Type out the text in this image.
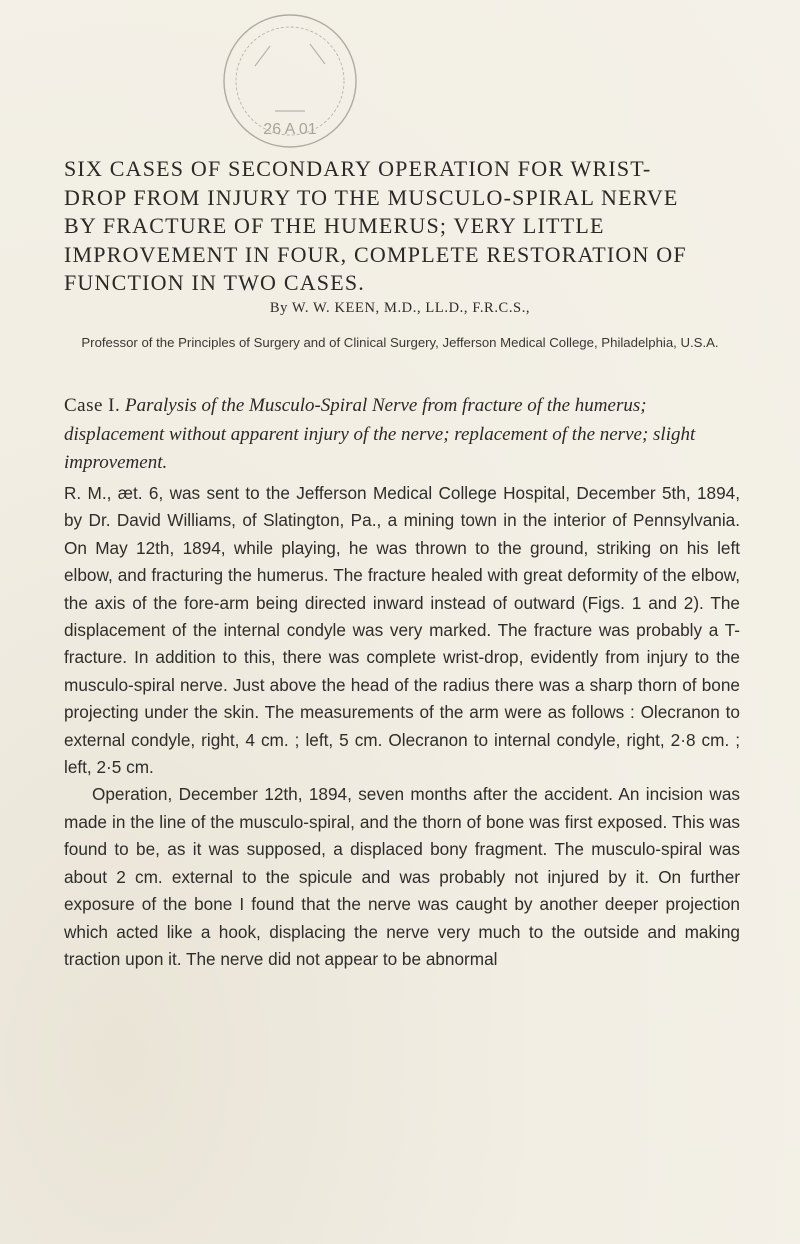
26 A 01
SIX CASES OF SECONDARY OPERATION FOR WRIST-DROP FROM INJURY TO THE MUSCULO-SPIRAL NERVE BY FRACTURE OF THE HUMERUS; VERY LITTLE IMPROVEMENT IN FOUR, COMPLETE RESTORATION OF FUNCTION IN TWO CASES.

By W. W. KEEN, M.D., LL.D., F.R.C.S.,

Professor of the Principles of Surgery and of Clinical Surgery, Jefferson Medical College, Philadelphia, U.S.A.

Case I. Paralysis of the Musculo-Spiral Nerve from fracture of the humerus; displacement without apparent injury of the nerve; replacement of the nerve; slight improvement.

R. M., æt. 6, was sent to the Jefferson Medical College Hospital, December 5th, 1894, by Dr. David Williams, of Slatington, Pa., a mining town in the interior of Pennsylvania. On May 12th, 1894, while playing, he was thrown to the ground, striking on his left elbow, and fracturing the humerus. The fracture healed with great deformity of the elbow, the axis of the fore-arm being directed inward instead of outward (Figs. 1 and 2). The displacement of the internal condyle was very marked. The fracture was probably a T-fracture. In addition to this, there was complete wrist-drop, evidently from injury to the musculo-spiral nerve. Just above the head of the radius there was a sharp thorn of bone projecting under the skin. The measurements of the arm were as follows : Olecranon to external condyle, right, 4 cm. ; left, 5 cm. Olecranon to internal condyle, right, 2·8 cm. ; left, 2·5 cm.

Operation, December 12th, 1894, seven months after the accident. An incision was made in the line of the musculo-spiral, and the thorn of bone was first exposed. This was found to be, as it was supposed, a displaced bony fragment. The musculo-spiral was about 2 cm. external to the spicule and was probably not injured by it. On further exposure of the bone I found that the nerve was caught by another deeper projection which acted like a hook, displacing the nerve very much to the outside and making traction upon it. The nerve did not appear to be abnormal
